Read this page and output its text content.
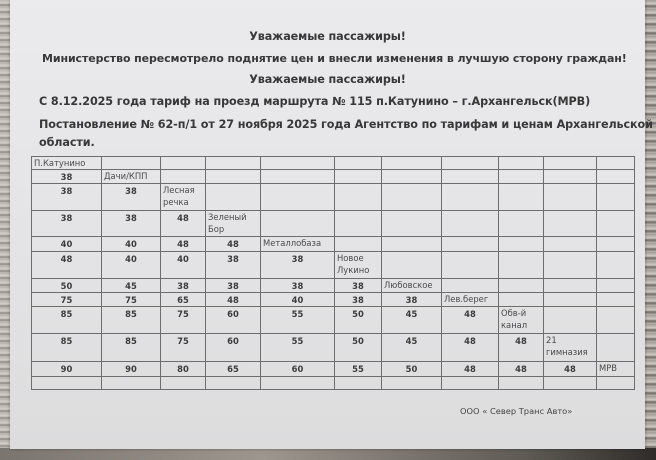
Уважаемые пассажиры!
Министерство пересмотрело поднятие цен и внесли изменения в лучшую сторону граждан!
Уважаемые пассажиры!
С 8.12.2025 года тариф на проезд маршрута № 115 п.Катунино – г.Архангельск(МРВ)
Постановление № 62-п/1 от 27 ноября 2025 года Агентство по тарифам и ценам Архангельской
области.
П.Катунино										
38	Дачи/КПП									
38	38	Лесная
речка								
38	38	48	Зеленый
Бор							
40	40	48	48	Металлобаза						
48	40	40	38	38	Новое
Лукино					
50	45	38	38	38	38	Любовское				
75	75	65	48	40	38	38	Лев.берег			
85	85	75	60	55	50	45	48	Обв-й
канал		
85	85	75	60	55	50	45	48	48	21
гимназия	
90	90	80	65	60	55	50	48	48	48	МРВ

ООО « Север Транс Авто»
